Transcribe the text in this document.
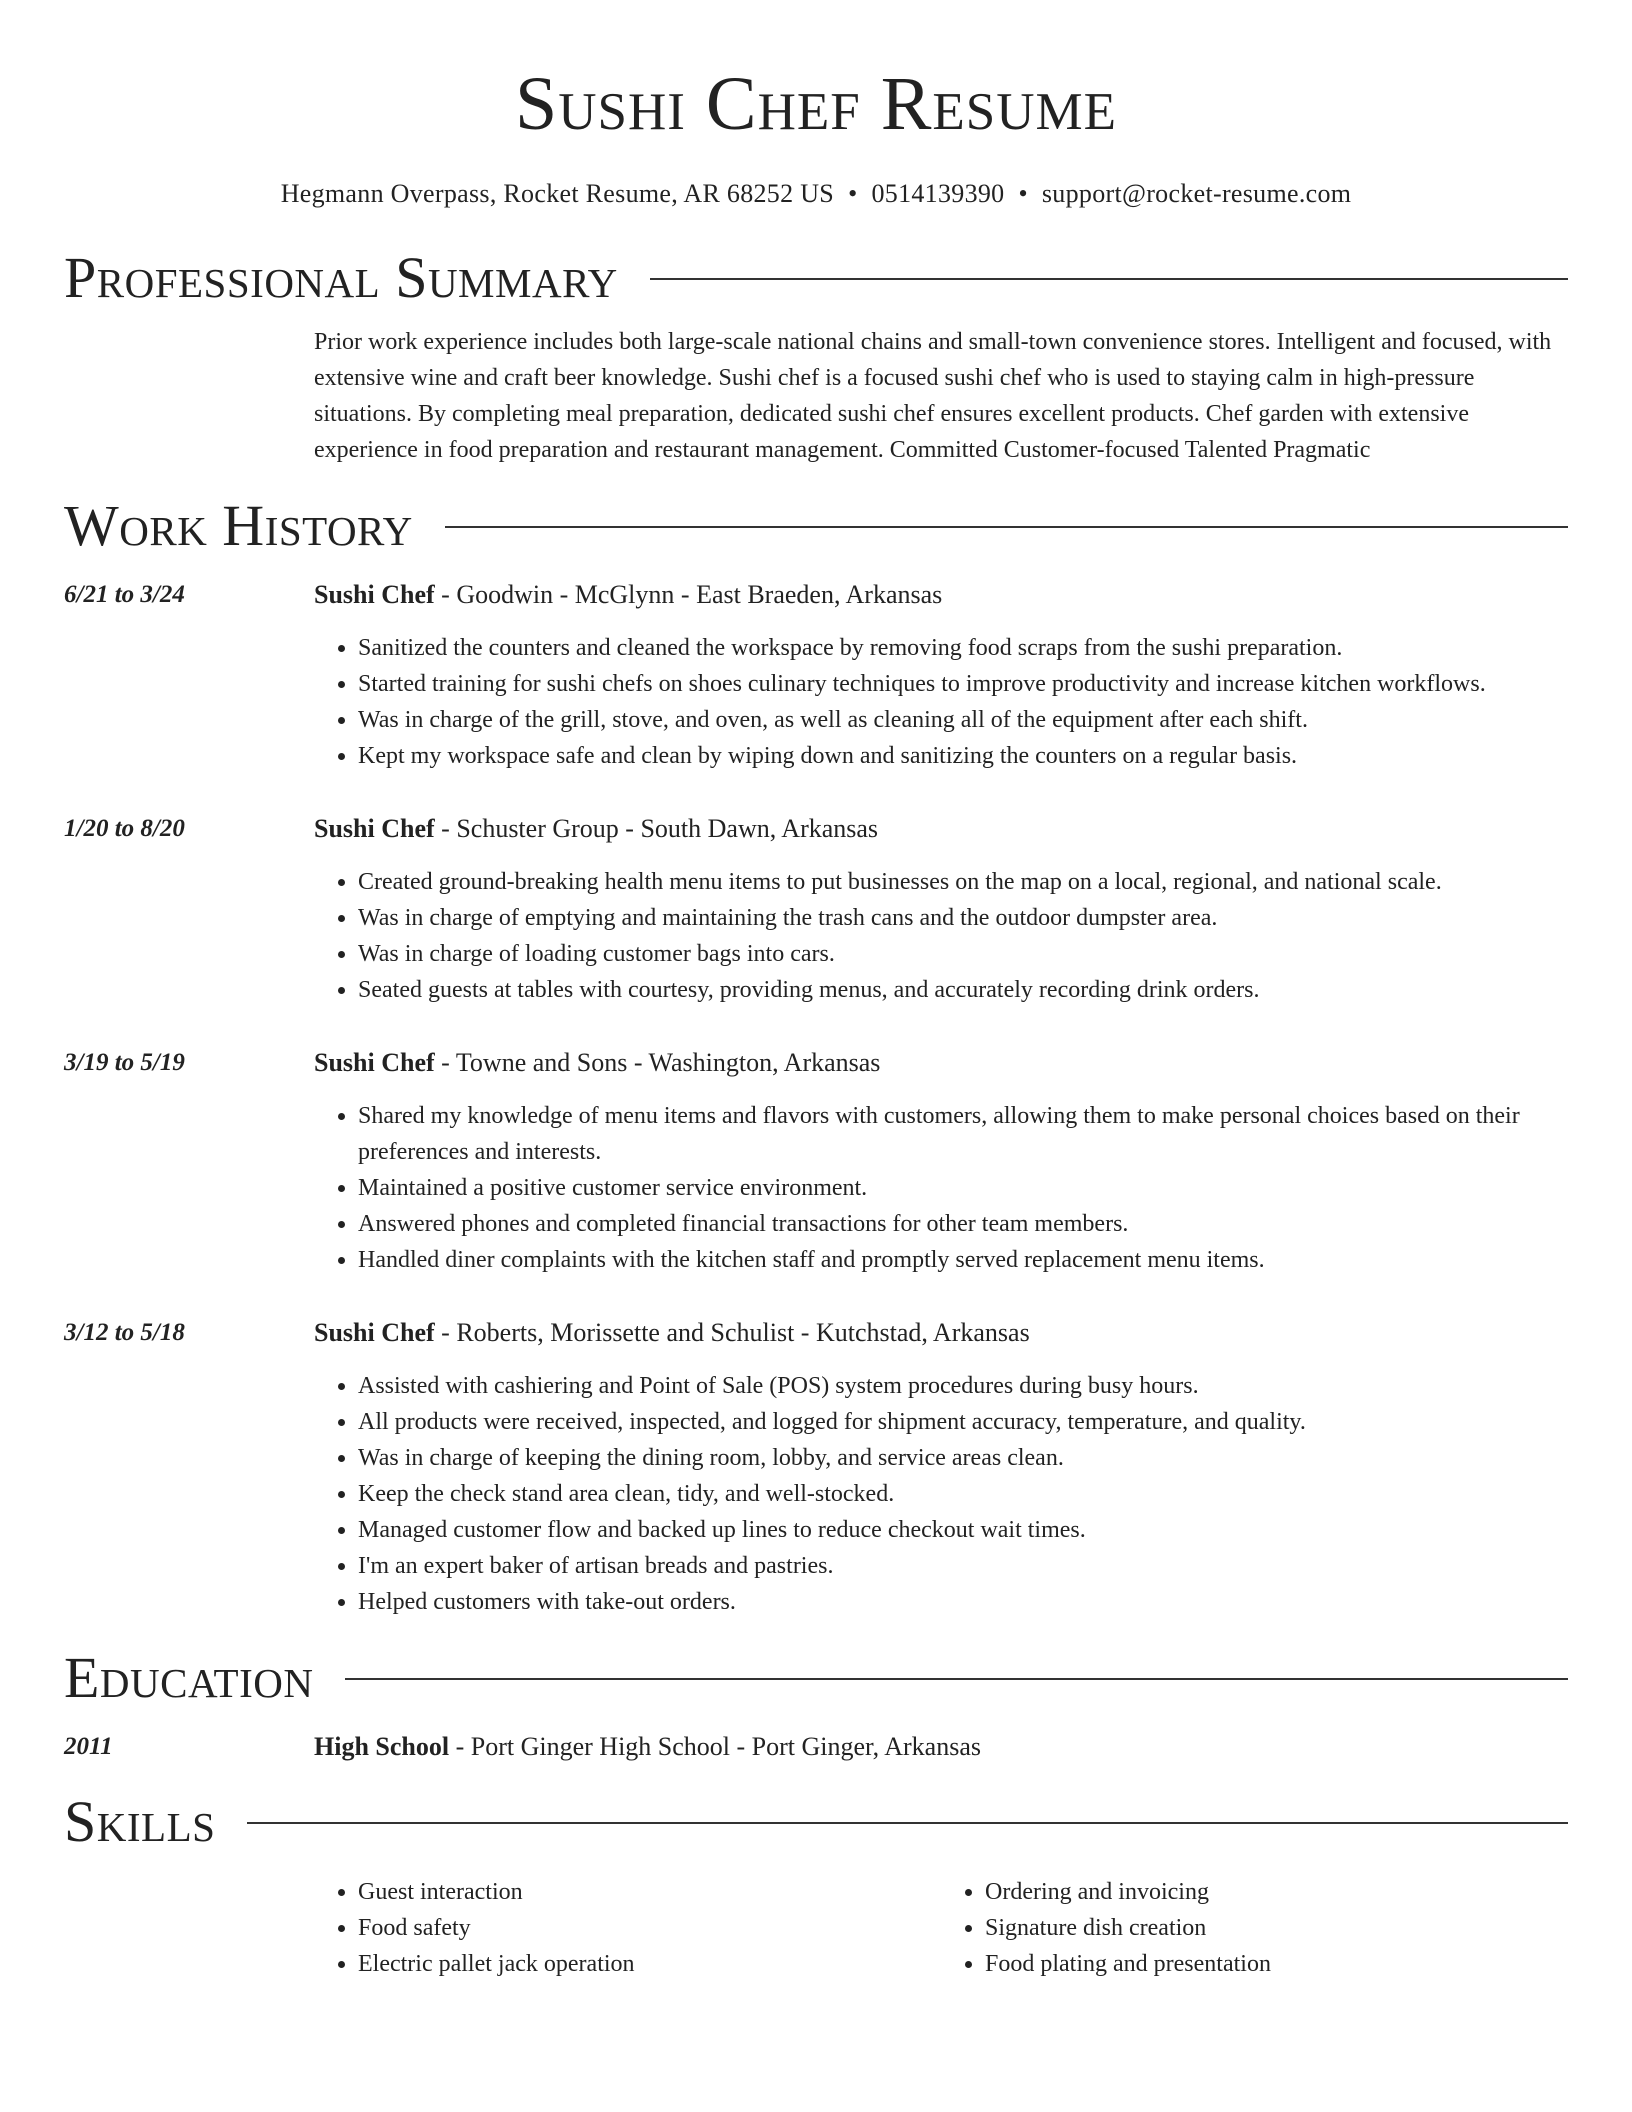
Sushi Chef Resume
Hegmann Overpass, Rocket Resume, AR 68252 US • 0514139390 • support@rocket-resume.com
Professional Summary

Prior work experience includes both large-scale national chains and small-town convenience stores. Intelligent and focused, with extensive wine and craft beer knowledge. Sushi chef is a focused sushi chef who is used to staying calm in high-pressure situations. By completing meal preparation, dedicated sushi chef ensures excellent products. Chef garden with extensive experience in food preparation and restaurant management. Committed Customer-focused Talented Pragmatic

Work History
6/21 to 3/24	Sushi Chef - Goodwin - McGlynn - East Braeden, Arkansas
• Sanitized the counters and cleaned the workspace by removing food scraps from the sushi preparation.
• Started training for sushi chefs on shoes culinary techniques to improve productivity and increase kitchen workflows.
• Was in charge of the grill, stove, and oven, as well as cleaning all of the equipment after each shift.
• Kept my workspace safe and clean by wiping down and sanitizing the counters on a regular basis.
1/20 to 8/20	Sushi Chef - Schuster Group - South Dawn, Arkansas
• Created ground-breaking health menu items to put businesses on the map on a local, regional, and national scale.
• Was in charge of emptying and maintaining the trash cans and the outdoor dumpster area.
• Was in charge of loading customer bags into cars.
• Seated guests at tables with courtesy, providing menus, and accurately recording drink orders.
3/19 to 5/19	Sushi Chef - Towne and Sons - Washington, Arkansas
• Shared my knowledge of menu items and flavors with customers, allowing them to make personal choices based on their preferences and interests.
• Maintained a positive customer service environment.
• Answered phones and completed financial transactions for other team members.
• Handled diner complaints with the kitchen staff and promptly served replacement menu items.
3/12 to 5/18	Sushi Chef - Roberts, Morissette and Schulist - Kutchstad, Arkansas
• Assisted with cashiering and Point of Sale (POS) system procedures during busy hours.
• All products were received, inspected, and logged for shipment accuracy, temperature, and quality.
• Was in charge of keeping the dining room, lobby, and service areas clean.
• Keep the check stand area clean, tidy, and well-stocked.
• Managed customer flow and backed up lines to reduce checkout wait times.
• I'm an expert baker of artisan breads and pastries.
• Helped customers with take-out orders.
Education
2011	High School - Port Ginger High School - Port Ginger, Arkansas
Skills
• Guest interaction
• Food safety
• Electric pallet jack operation
• Ordering and invoicing
• Signature dish creation
• Food plating and presentation
